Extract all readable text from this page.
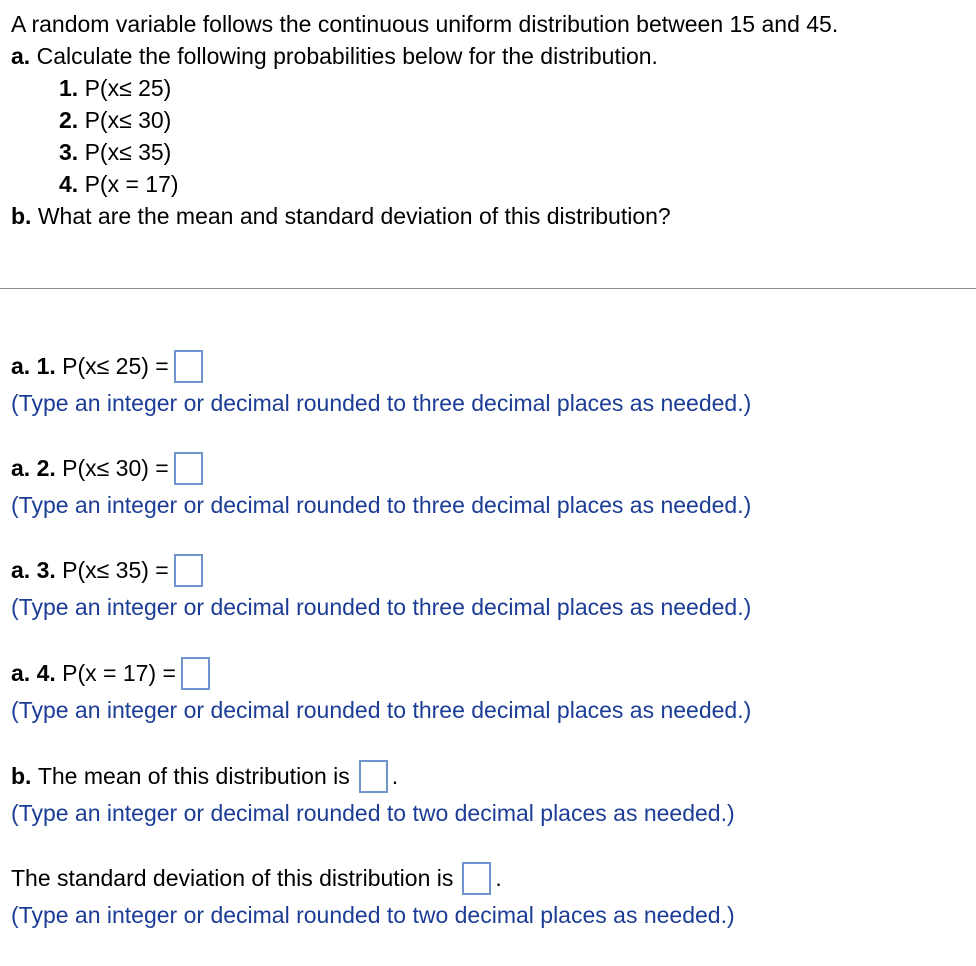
A random variable follows the continuous uniform distribution between 15 and 45.
a. Calculate the following probabilities below for the distribution.
1. P(x≤ 25)
2. P(x≤ 30)
3. P(x≤ 35)
4. P(x = 17)
b. What are the mean and standard deviation of this distribution?
a. 1.
P(x≤ 25) =
(Type an integer or decimal rounded to three decimal places as needed.)
a. 2.
P(x≤ 30) =
(Type an integer or decimal rounded to three decimal places as needed.)
a. 3.
P(x≤ 35) =
(Type an integer or decimal rounded to three decimal places as needed.)
a. 4.
P(x = 17) =
(Type an integer or decimal rounded to three decimal places as needed.)
b.
The mean of this distribution is .
(Type an integer or decimal rounded to two decimal places as needed.)
The standard deviation of this distribution is .
(Type an integer or decimal rounded to two decimal places as needed.)
